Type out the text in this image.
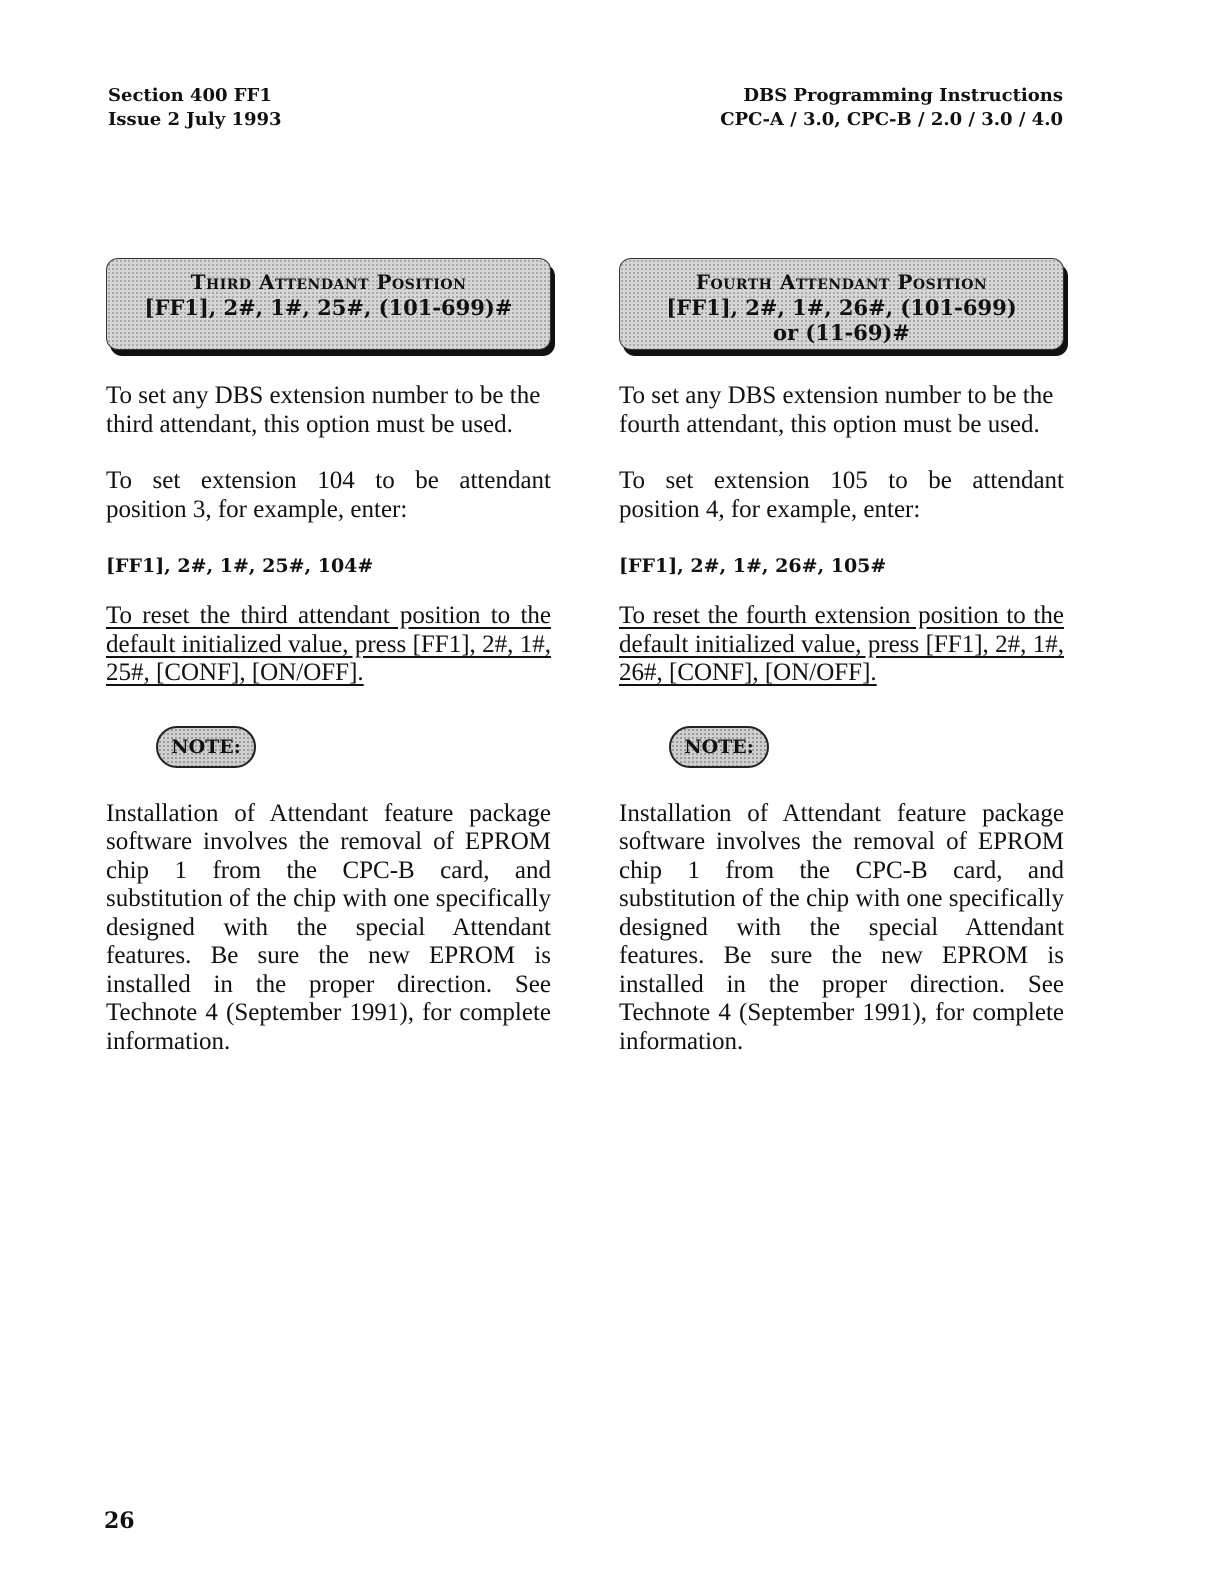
Section 400 FF1
Issue 2 July 1993
DBS Programming Instructions
CPC-A / 3.0, CPC-B / 2.0 / 3.0 / 4.0
Third Attendant Position
[FF1], 2#, 1#, 25#, (101-699)#

To set any DBS extension number to be the third attendant, this option must be used.

To set extension 104 to be attendant position 3, for example, enter:

[FF1], 2#, 1#, 25#, 104#

To reset the third attendant position to the default initialized value, press [FF1], 2#, 1#, 25#, [CONF], [ON/OFF].

NOTE:

Installation of Attendant feature package software involves the removal of EPROM chip 1 from the CPC-B card, and substitution of the chip with one specifically designed with the special Attendant features. Be sure the new EPROM is installed in the proper direction. See Technote 4 (September 1991), for complete information.

Fourth Attendant Position
[FF1], 2#, 1#, 26#, (101-699)
or (11-69)#

To set any DBS extension number to be the fourth attendant, this option must be used.

To set extension 105 to be attendant position 4, for example, enter:

[FF1], 2#, 1#, 26#, 105#

To reset the fourth extension position to the default initialized value, press [FF1], 2#, 1#, 26#, [CONF], [ON/OFF].

NOTE:

Installation of Attendant feature package software involves the removal of EPROM chip 1 from the CPC-B card, and substitution of the chip with one specifically designed with the special Attendant features. Be sure the new EPROM is installed in the proper direction. See Technote 4 (September 1991), for complete information.

26
